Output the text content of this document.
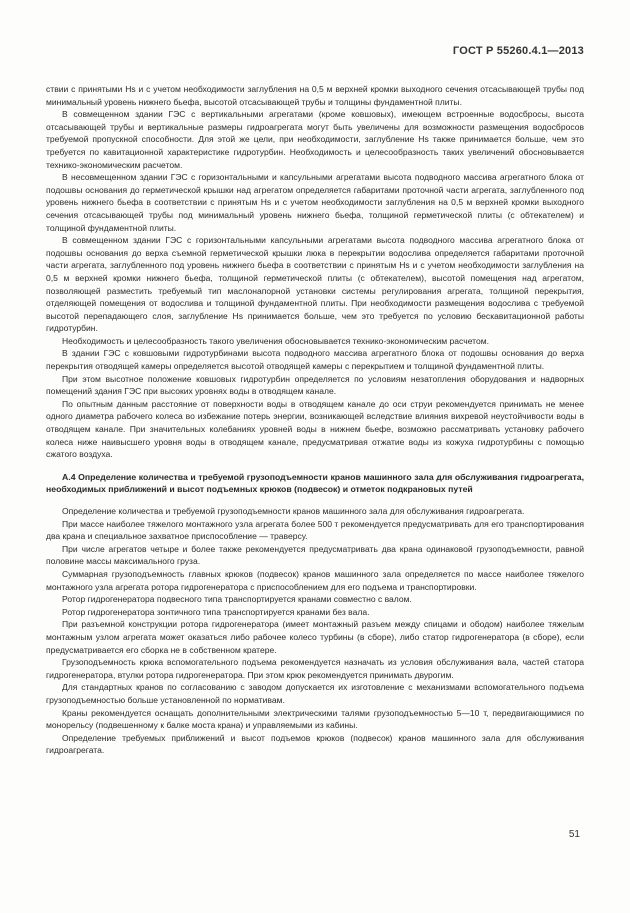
ГОСТ Р 55260.4.1—2013

ствии с принятыми Hs и с учетом необходимости заглубления на 0,5 м верхней кромки выходного сечения отсасывающей трубы под минимальный уровень нижнего бьефа, высотой отсасывающей трубы и толщины фундаментной плиты.

В совмещенном здании ГЭС с вертикальными агрегатами (кроме ковшовых), имеющем встроенные водосбросы, высота отсасывающей трубы и вертикальные размеры гидроагрегата могут быть увеличены для возможности размещения водосбросов требуемой пропускной способности. Для этой же цели, при необходимости, заглубление Hs также принимается больше, чем это требуется по кавитационной характеристике гидротурбин. Необходимость и целесообразность таких увеличений обосновывается технико-экономическим расчетом.

В несовмещенном здании ГЭС с горизонтальными и капсульными агрегатами высота подводного массива агрегатного блока от подошвы основания до герметической крышки над агрегатом определяется габаритами проточной части агрегата, заглубленного под уровень нижнего бьефа в соответствии с принятым Hs и с учетом необходимости заглубления на 0,5 м верхней кромки выходного сечения отсасывающей трубы под минимальный уровень нижнего бьефа, толщиной герметической плиты (с обтекателем) и толщиной фундаментной плиты.

В совмещенном здании ГЭС с горизонтальными капсульными агрегатами высота подводного массива агрегатного блока от подошвы основания до верха съемной герметической крышки люка в перекрытии водослива определяется габаритами проточной части агрегата, заглубленного под уровень нижнего бьефа в соответствии с принятым Hs и с учетом необходимости заглубления на 0,5 м верхней кромки нижнего бьефа, толщиной герметической плиты (с обтекателем), высотой помещения над агрегатом, позволяющей разместить требуемый тип маслонапорной установки системы регулирования агрегата, толщиной перекрытия, отделяющей помещения от водослива и толщиной фундаментной плиты. При необходимости размещения водослива с требуемой высотой перепадающего слоя, заглубление Hs принимается больше, чем это требуется по условию бескавитационной работы гидротурбин.

Необходимость и целесообразность такого увеличения обосновывается технико-экономическим расчетом.

В здании ГЭС с ковшовыми гидротурбинами высота подводного массива агрегатного блока от подошвы основания до верха перекрытия отводящей камеры определяется высотой отводящей камеры с перекрытием и толщиной фундаментной плиты.

При этом высотное положение ковшовых гидротурбин определяется по условиям незатопления оборудования и надворных помещений здания ГЭС при высоких уровнях воды в отводящем канале.

По опытным данным расстояние от поверхности воды в отводящем канале до оси струи рекомендуется принимать не менее одного диаметра рабочего колеса во избежание потерь энергии, возникающей вследствие влияния вихревой неустойчивости воды в отводящем канале. При значительных колебаниях уровней воды в нижнем бьефе, возможно рассматривать установку рабочего колеса ниже наивысшего уровня воды в отводящем канале, предусматривая отжатие воды из кожуха гидротурбины с помощью сжатого воздуха.

А.4 Определение количества и требуемой грузоподъемности кранов машинного зала для обслуживания гидроагрегата, необходимых приближений и высот подъемных крюков (подвесок) и отметок подкрановых путей

Определение количества и требуемой грузоподъемности кранов машинного зала для обслуживания гидроагрегата.

При массе наиболее тяжелого монтажного узла агрегата более 500 т рекомендуется предусматривать для его транспортирования два крана и специальное захватное приспособление — траверсу.

При числе агрегатов четыре и более также рекомендуется предусматривать два крана одинаковой грузоподъемности, равной половине массы максимального груза.

Суммарная грузоподъемность главных крюков (подвесок) кранов машинного зала определяется по массе наиболее тяжелого монтажного узла агрегата ротора гидрогенератора с приспособлением для его подъема и транспортировки.

Ротор гидрогенератора подвесного типа транспортируется кранами совместно с валом.

Ротор гидрогенератора зонтичного типа транспортируется кранами без вала.

При разъемной конструкции ротора гидрогенератора (имеет монтажный разъем между спицами и ободом) наиболее тяжелым монтажным узлом агрегата может оказаться либо рабочее колесо турбины (в сборе), либо статор гидрогенератора (в сборе), если предусматривается его сборка не в собственном кратере.

Грузоподъемность крюка вспомогательного подъема рекомендуется назначать из условия обслуживания вала, частей статора гидрогенератора, втулки ротора гидрогенератора. При этом крюк рекомендуется принимать двурогим.

Для стандартных кранов по согласованию с заводом допускается их изготовление с механизмами вспомогательного подъема грузоподъемностью больше установленной по нормативам.

Краны рекомендуется оснащать дополнительными электрическими талями грузоподъемностью 5—10 т, передвигающимися по монорельсу (подвешенному к балке моста крана) и управляемыми из кабины.

Определение требуемых приближений и высот подъемов крюков (подвесок) кранов машинного зала для обслуживания гидроагрегата.

51
